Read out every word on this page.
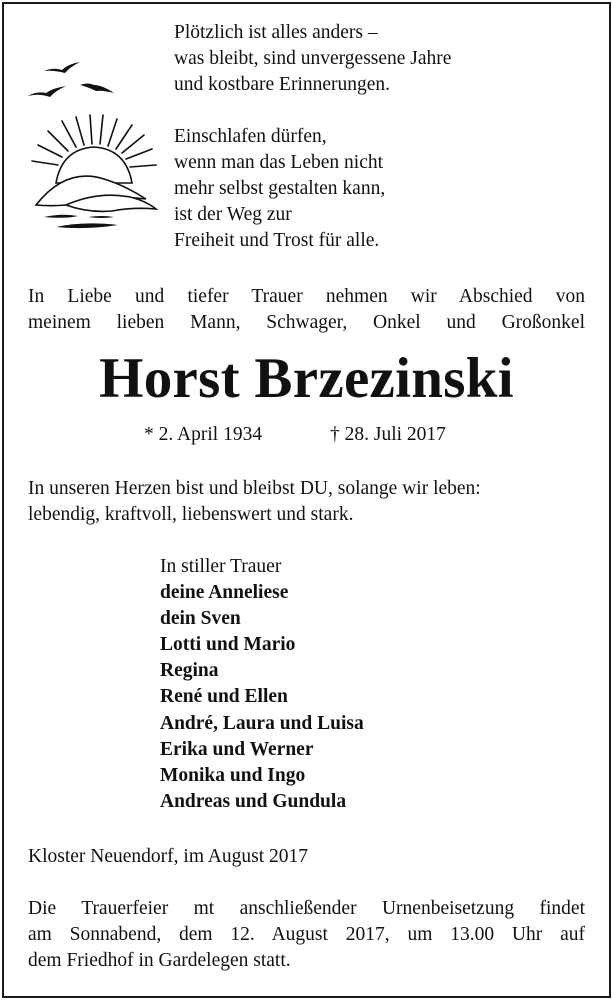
Plötzlich ist alles anders –
was bleibt, sind unvergessene Jahre
und kostbare Erinnerungen.
Einschlafen dürfen,
wenn man das Leben nicht
mehr selbst gestalten kann,
ist der Weg zur
Freiheit und Trost für alle.
In Liebe und tiefer Trauer nehmen wir Abschied von
meinem lieben Mann, Schwager, Onkel und Großonkel
Horst Brzezinski
* 2. April 1934	† 28. Juli 2017
In unseren Herzen bist und bleibst DU, solange wir leben:
lebendig, kraftvoll, liebenswert und stark.
In stiller Trauer
deine Anneliese
dein Sven
Lotti und Mario
Regina
René und Ellen
André, Laura und Luisa
Erika und Werner
Monika und Ingo
Andreas und Gundula
Kloster Neuendorf, im August 2017
Die Trauerfeier mt anschließender Urnenbeisetzung findet
am Sonnabend, dem 12. August 2017, um 13.00 Uhr auf
dem Friedhof in Gardelegen statt.
